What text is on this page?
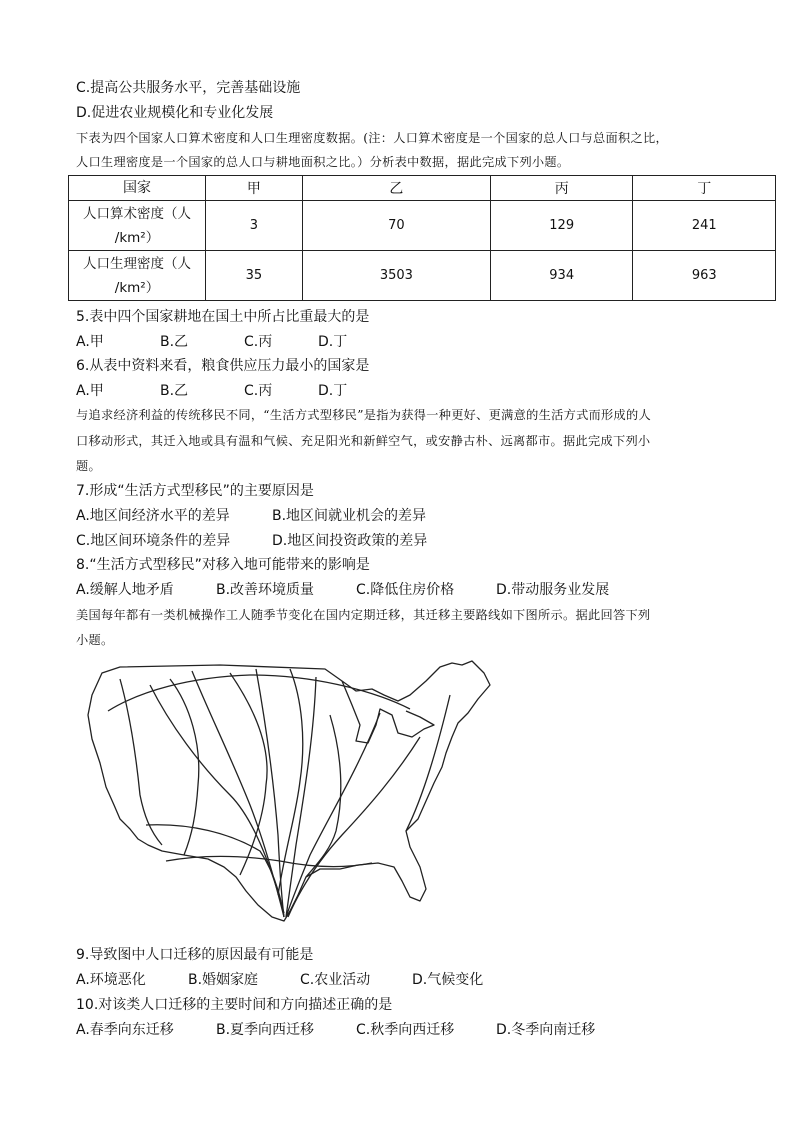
C.提高公共服务水平，完善基础设施
D.促进农业规模化和专业化发展
下表为四个国家人口算术密度和人口生理密度数据。(注：人口算术密度是一个国家的总人口与总面积之比，
人口生理密度是一个国家的总人口与耕地面积之比。）分析表中数据，据此完成下列小题。
国家	甲	乙	丙	丁

人口算术密度（人
/km²）	3	70	129	241

人口生理密度（人
/km²）	35	3503	934	963
5.表中四个国家耕地在国土中所占比重最大的是
A.甲	B.乙	C.丙	D.丁
6.从表中资料来看，粮食供应压力最小的国家是
A.甲	B.乙	C.丙	D.丁
与追求经济利益的传统移民不同，“生活方式型移民”是指为获得一种更好、更满意的生活方式而形成的人
口移动形式，其迁入地或具有温和气候、充足阳光和新鲜空气，或安静古朴、远离都市。据此完成下列小
题。
7.形成“生活方式型移民”的主要原因是
A.地区间经济水平的差异	B.地区间就业机会的差异
C.地区间环境条件的差异	D.地区间投资政策的差异
8.“生活方式型移民”对移入地可能带来的影响是
A.缓解人地矛盾	B.改善环境质量	C.降低住房价格	D.带动服务业发展
美国每年都有一类机械操作工人随季节变化在国内定期迁移，其迁移主要路线如下图所示。据此回答下列
小题。
9.导致图中人口迁移的原因最有可能是
A.环境恶化	B.婚姻家庭	C.农业活动	D.气候变化
10.对该类人口迁移的主要时间和方向描述正确的是
A.春季向东迁移	B.夏季向西迁移	C.秋季向西迁移	D.冬季向南迁移
